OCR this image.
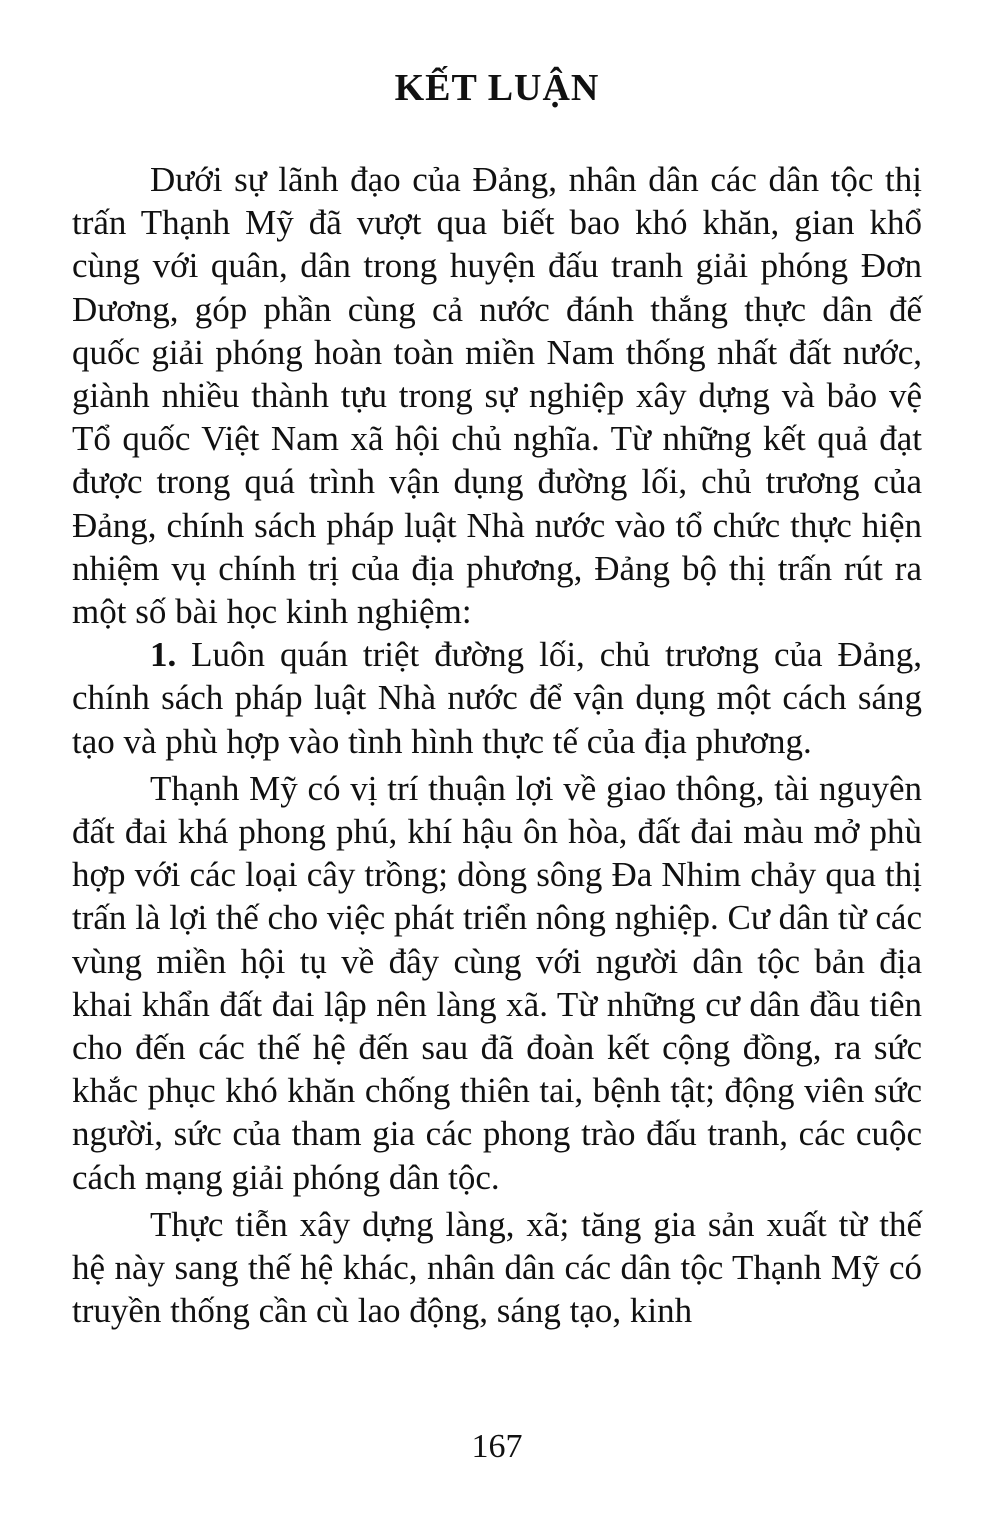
KẾT LUẬN

Dưới sự lãnh đạo của Đảng, nhân dân các dân tộc thị trấn Thạnh Mỹ đã vượt qua biết bao khó khăn, gian khổ cùng với quân, dân trong huyện đấu tranh giải phóng Đơn Dương, góp phần cùng cả nước đánh thắng thực dân đế quốc giải phóng hoàn toàn miền Nam thống nhất đất nước, giành nhiều thành tựu trong sự nghiệp xây dựng và bảo vệ Tổ quốc Việt Nam xã hội chủ nghĩa. Từ những kết quả đạt được trong quá trình vận dụng đường lối, chủ trương của Đảng, chính sách pháp luật Nhà nước vào tổ chức thực hiện nhiệm vụ chính trị của địa phương, Đảng bộ thị trấn rút ra một số bài học kinh nghiệm:

1. Luôn quán triệt đường lối, chủ trương của Đảng, chính sách pháp luật Nhà nước để vận dụng một cách sáng tạo và phù hợp vào tình hình thực tế của địa phương.

Thạnh Mỹ có vị trí thuận lợi về giao thông, tài nguyên đất đai khá phong phú, khí hậu ôn hòa, đất đai màu mở phù hợp với các loại cây trồng; dòng sông Đa Nhim chảy qua thị trấn là lợi thế cho việc phát triển nông nghiệp. Cư dân từ các vùng miền hội tụ về đây cùng với người dân tộc bản địa khai khẩn đất đai lập nên làng xã. Từ những cư dân đầu tiên cho đến các thế hệ đến sau đã đoàn kết cộng đồng, ra sức khắc phục khó khăn chống thiên tai, bệnh tật; động viên sức người, sức của tham gia các phong trào đấu tranh, các cuộc cách mạng giải phóng dân tộc.

Thực tiễn xây dựng làng, xã; tăng gia sản xuất từ thế hệ này sang thế hệ khác, nhân dân các dân tộc Thạnh Mỹ có truyền thống cần cù lao động, sáng tạo, kinh

167
